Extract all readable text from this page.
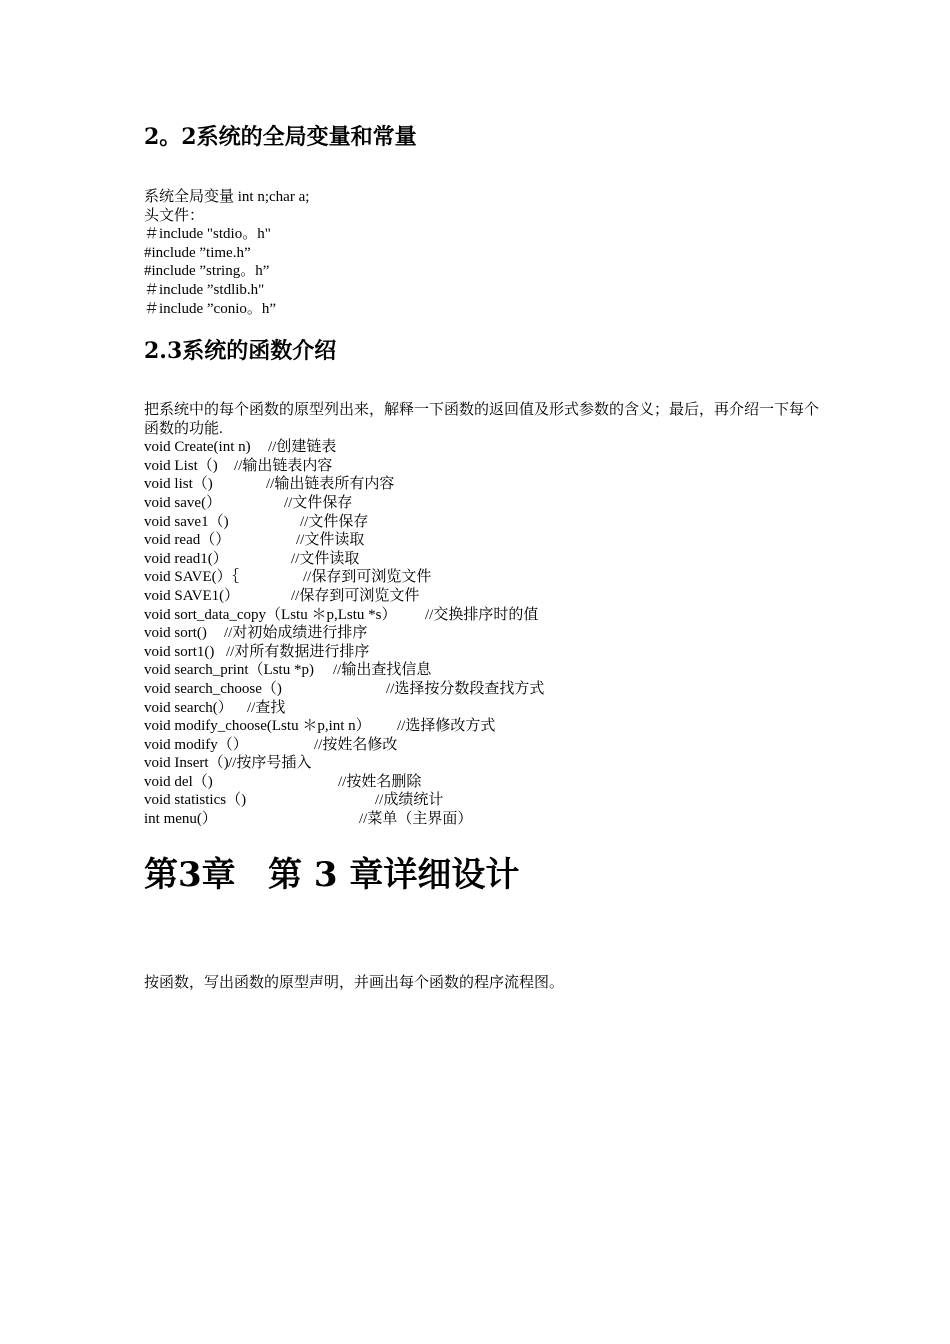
2。2系统的全局变量和常量
系统全局变量 int n;char a;
头文件：
＃include "stdio。h"
#include ”time.h”
#include ”string。h”
＃include ”stdlib.h"
＃include ”conio。h”
2.3系统的函数介绍
把系统中的每个函数的原型列出来，解释一下函数的返回值及形式参数的含义；最后，再介绍一下每个函数的功能.
void Create(int n) //创建链表
void List（) //输出链表内容
void list（)	//输出链表所有内容
void save(）	//文件保存
void save1（)	//文件保存
void read（）	//文件读取
void read1(）	//文件读取
void SAVE(）｛	//保存到可浏览文件
void SAVE1(）	//保存到可浏览文件
void sort_data_copy（Lstu ＊p,Lstu *s） //交换排序时的值
void sort() //对初始成绩进行排序
void sort1() //对所有数据进行排序
void search_print（Lstu *p) //输出查找信息
void search_choose（)	//选择按分数段查找方式
void search(） //查找
void modify_choose(Lstu ＊p,int n） //选择修改方式
void modify（）	//按姓名修改
void Insert（) //按序号插入
void del（)	//按姓名删除
void statistics（)	//成绩统计
int menu(）	//菜单（主界面）
第3章 第 3 章详细设计
按函数，写出函数的原型声明，并画出每个函数的程序流程图。
